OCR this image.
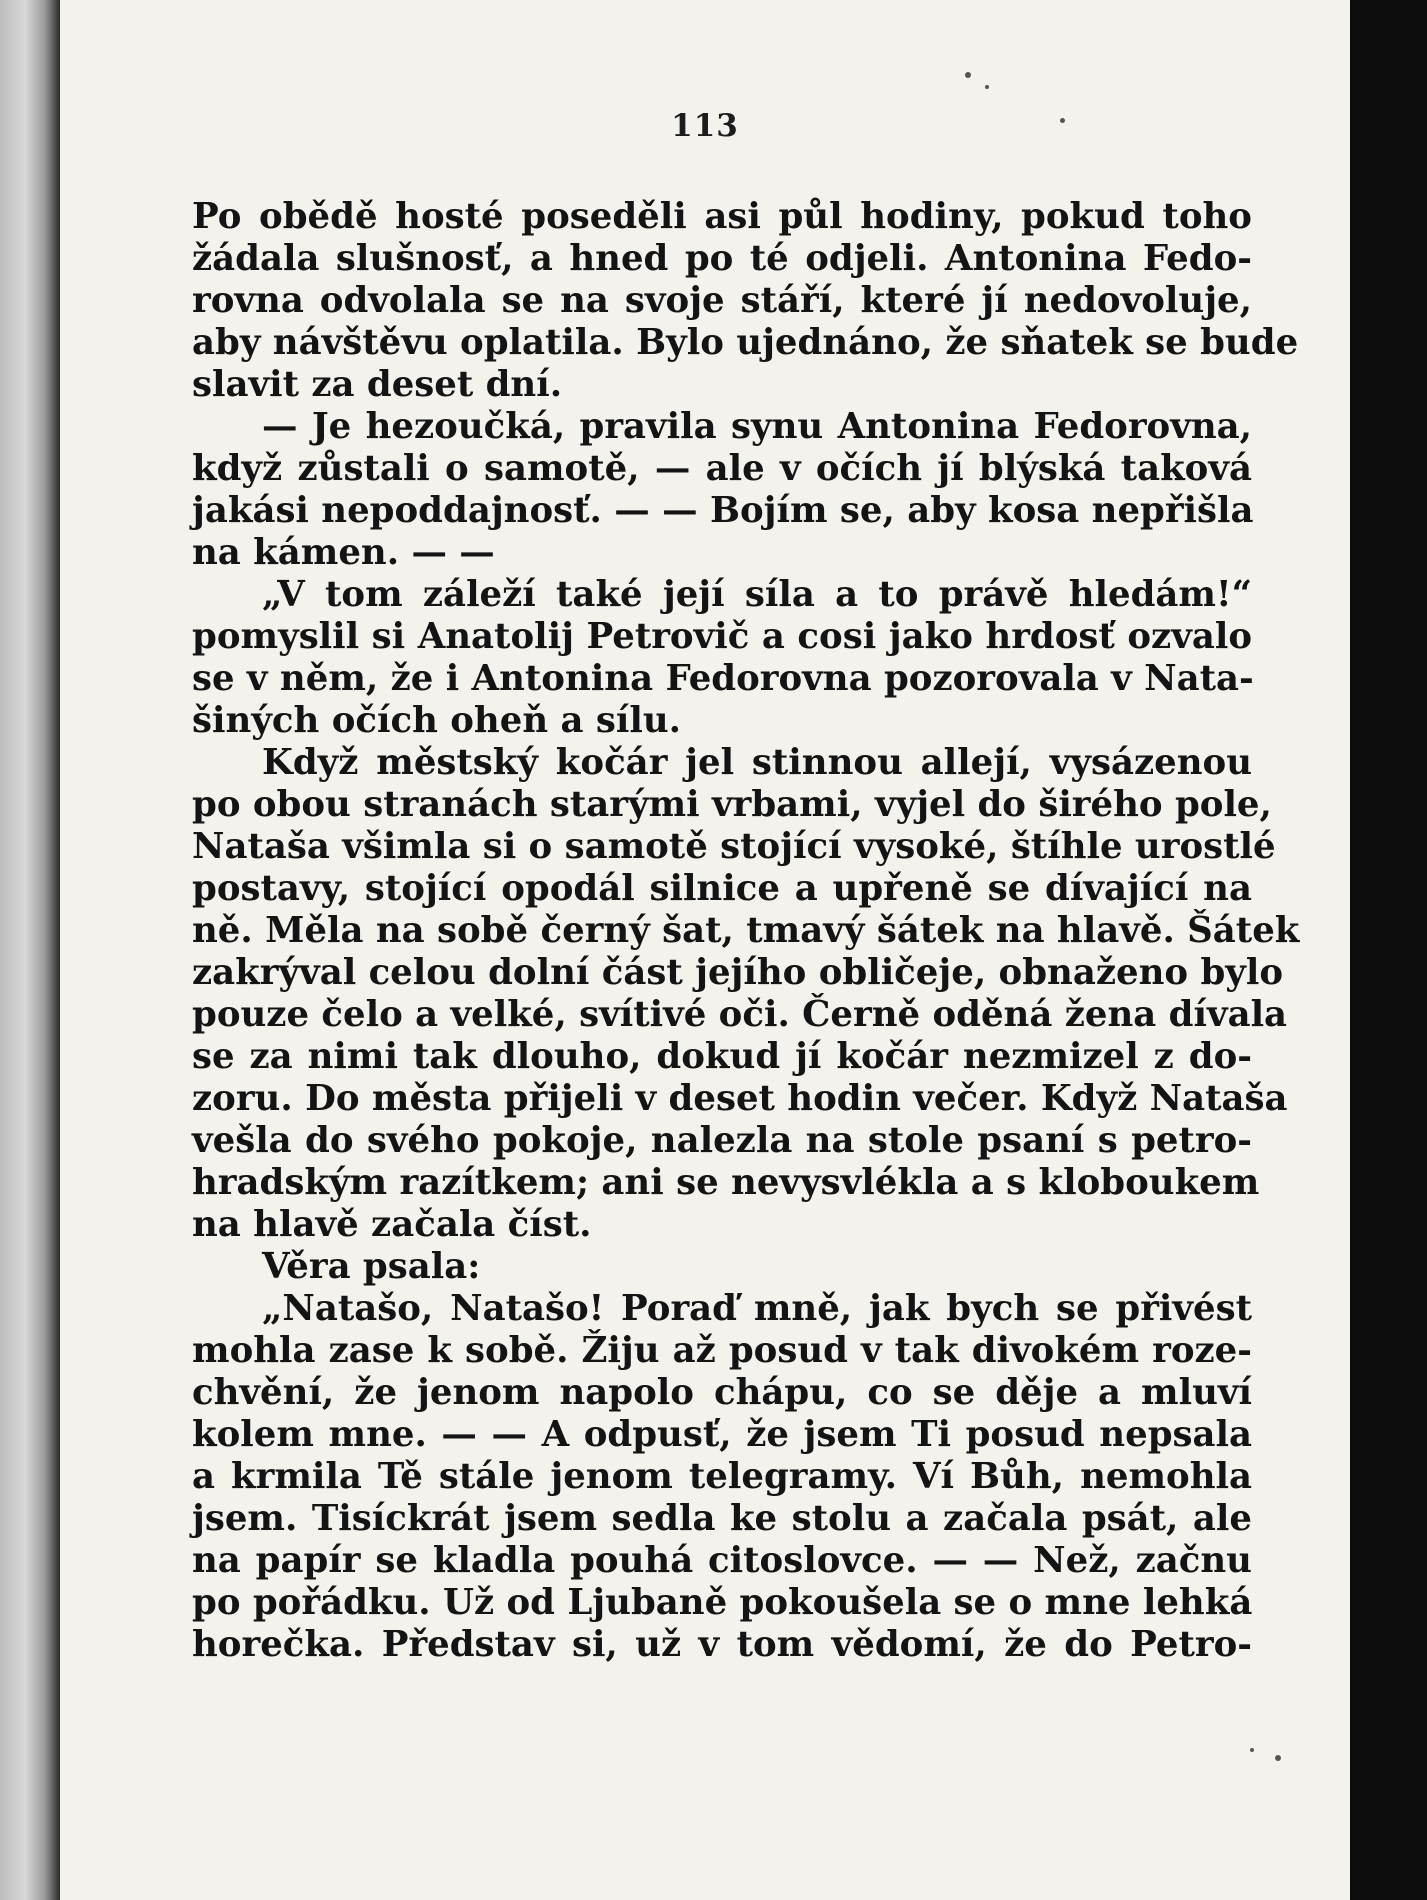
113
Po obědě hosté poseděli asi půl hodiny, pokud toho
žádala slušnosť, a hned po té odjeli. Antonina Fedo-
rovna odvolala se na svoje stáří, které jí nedovoluje,
aby návštěvu oplatila. Bylo ujednáno, že sňatek se bude
slavit za deset dní.
— Je hezoučká, pravila synu Antonina Fedorovna,
když zůstali o samotě, — ale v očích jí blýská taková
jakási nepoddajnosť. — — Bojím se, aby kosa nepřišla
na kámen. — —
„V tom záleží také její síla a to právě hledám!“
pomyslil si Anatolij Petrovič a cosi jako hrdosť ozvalo
se v něm, že i Antonina Fedorovna pozorovala v Nata-
šiných očích oheň a sílu.
Když městský kočár jel stinnou allejí, vysázenou
po obou stranách starými vrbami, vyjel do širého pole,
Nataša všimla si o samotě stojící vysoké, štíhle urostlé
postavy, stojící opodál silnice a upřeně se dívající na
ně. Měla na sobě černý šat, tmavý šátek na hlavě. Šátek
zakrýval celou dolní část jejího obličeje, obnaženo bylo
pouze čelo a velké, svítivé oči. Černě oděná žena dívala
se za nimi tak dlouho, dokud jí kočár nezmizel z do-
zoru. Do města přijeli v deset hodin večer. Když Nataša
vešla do svého pokoje, nalezla na stole psaní s petro-
hradským razítkem; ani se nevysvlékla a s kloboukem
na hlavě začala číst.
Věra psala:
„Natašo, Natašo! Poraď mně, jak bych se přivést
mohla zase k sobě. Žiju až posud v tak divokém roze-
chvění, že jenom napolo chápu, co se děje a mluví
kolem mne. — — A odpusť, že jsem Ti posud nepsala
a krmila Tě stále jenom telegramy. Ví Bůh, nemohla
jsem. Tisíckrát jsem sedla ke stolu a začala psát, ale
na papír se kladla pouhá citoslovce. — — Než, začnu
po pořádku. Už od Ljubaně pokoušela se o mne lehká
horečka. Představ si, už v tom vědomí, že do Petro-
